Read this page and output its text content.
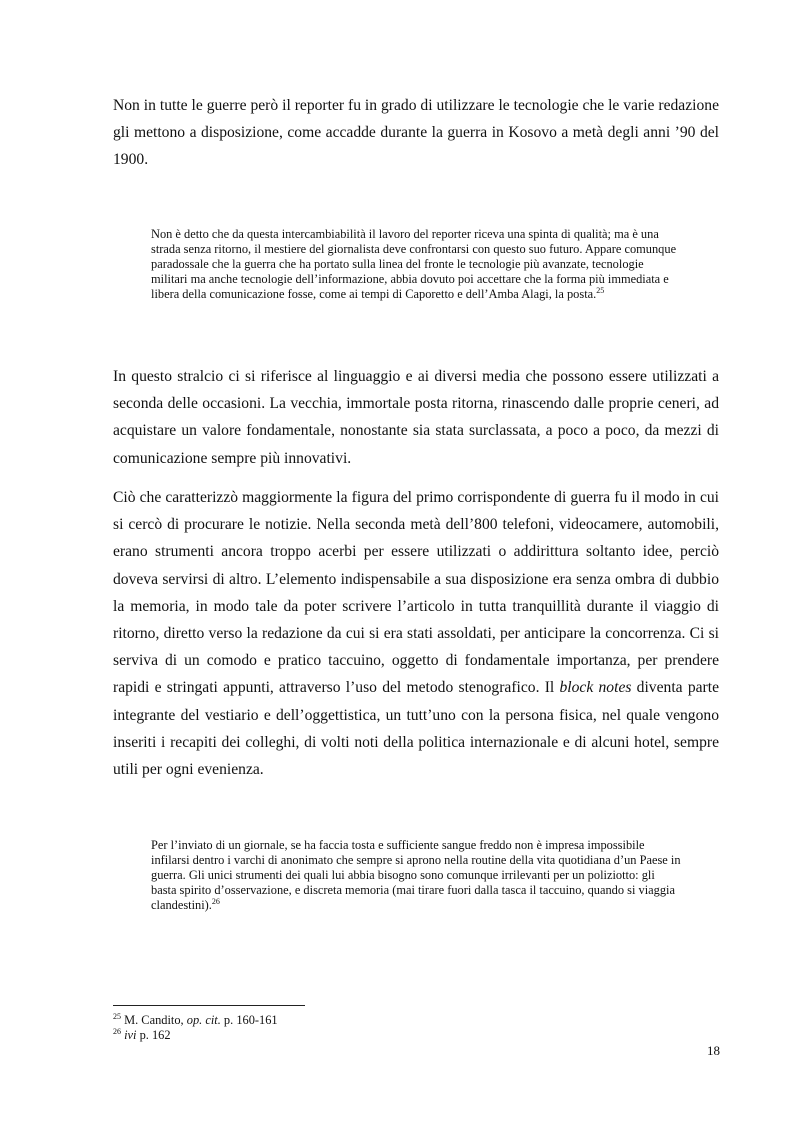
Non in tutte le guerre però il reporter fu in grado di utilizzare le tecnologie che le varie redazione gli mettono a disposizione, come accadde durante la guerra in Kosovo a metà degli anni ’90 del 1900.

Non è detto che da questa intercambiabilità il lavoro del reporter riceva una spinta di qualità; ma è una strada senza ritorno, il mestiere del giornalista deve confrontarsi con questo suo futuro. Appare comunque paradossale che la guerra che ha portato sulla linea del fronte le tecnologie più avanzate, tecnologie militari ma anche tecnologie dell’informazione, abbia dovuto poi accettare che la forma più immediata e libera della comunicazione fosse, come ai tempi di Caporetto e dell’Amba Alagi, la posta.$^{25}$

In questo stralcio ci si riferisce al linguaggio e ai diversi media che possono essere utilizzati a seconda delle occasioni. La vecchia, immortale posta ritorna, rinascendo dalle proprie ceneri, ad acquistare un valore fondamentale, nonostante sia stata surclassata, a poco a poco, da mezzi di comunicazione sempre più innovativi.

Ciò che caratterizzò maggiormente la figura del primo corrispondente di guerra fu il modo in cui si cercò di procurare le notizie. Nella seconda metà dell’800 telefoni, videocamere, automobili, erano strumenti ancora troppo acerbi per essere utilizzati o addirittura soltanto idee, perciò doveva servirsi di altro. L’elemento indispensabile a sua disposizione era senza ombra di dubbio la memoria, in modo tale da poter scrivere l’articolo in tutta tranquillità durante il viaggio di ritorno, diretto verso la redazione da cui si era stati assoldati, per anticipare la concorrenza. Ci si serviva di un comodo e pratico taccuino, oggetto di fondamentale importanza, per prendere rapidi e stringati appunti, attraverso l’uso del metodo stenografico. Il block notes diventa parte integrante del vestiario e dell’oggettistica, un tutt’uno con la persona fisica, nel quale vengono inseriti i recapiti dei colleghi, di volti noti della politica internazionale e di alcuni hotel, sempre utili per ogni evenienza.

Per l’inviato di un giornale, se ha faccia tosta e sufficiente sangue freddo non è impresa impossibile infilarsi dentro i varchi di anonimato che sempre si aprono nella routine della vita quotidiana d’un Paese in guerra. Gli unici strumenti dei quali lui abbia bisogno sono comunque irrilevanti per un poliziotto: gli basta spirito d’osservazione, e discreta memoria (mai tirare fuori dalla tasca il taccuino, quando si viaggia clandestini).$^{26}$

$^{25}$ M. Candito, op. cit. p. 160-161
$^{26}$ ivi p. 162
18
